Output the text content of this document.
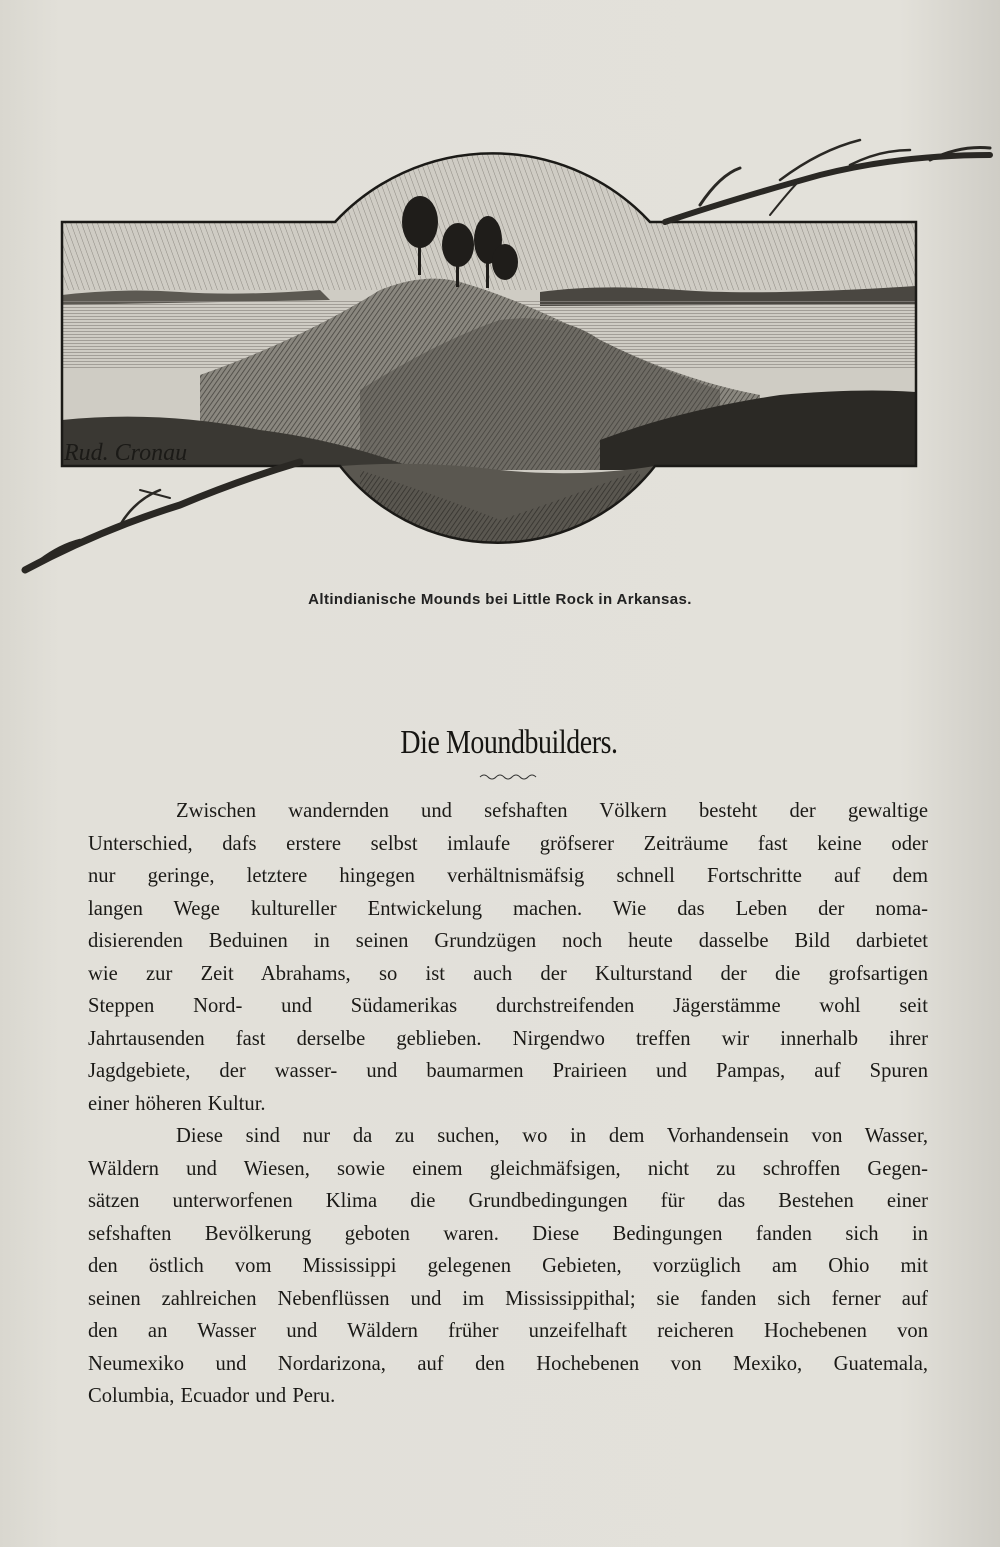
Rud. Cronau
Altindianische Mounds bei Little Rock in Arkansas.
Die Moundbuilders.
Zwischen wandernden und sefshaften Völkern besteht der gewaltige
Unterschied, dafs erstere selbst imlaufe gröfserer Zeiträume fast keine oder
nur geringe, letztere hingegen verhältnismäfsig schnell Fortschritte auf dem
langen Wege kultureller Entwickelung machen. Wie das Leben der noma-
disierenden Beduinen in seinen Grundzügen noch heute dasselbe Bild darbietet
wie zur Zeit Abrahams, so ist auch der Kulturstand der die grofsartigen
Steppen Nord- und Südamerikas durchstreifenden Jägerstämme wohl seit
Jahrtausenden fast derselbe geblieben. Nirgendwo treffen wir innerhalb ihrer
Jagdgebiete, der wasser- und baumarmen Prairieen und Pampas, auf Spuren
einer höheren Kultur.
Diese sind nur da zu suchen, wo in dem Vorhandensein von Wasser,
Wäldern und Wiesen, sowie einem gleichmäfsigen, nicht zu schroffen Gegen-
sätzen unterworfenen Klima die Grundbedingungen für das Bestehen einer
sefshaften Bevölkerung geboten waren. Diese Bedingungen fanden sich in
den östlich vom Mississippi gelegenen Gebieten, vorzüglich am Ohio mit
seinen zahlreichen Nebenflüssen und im Mississippithal; sie fanden sich ferner auf
den an Wasser und Wäldern früher unzeifelhaft reicheren Hochebenen von
Neumexiko und Nordarizona, auf den Hochebenen von Mexiko, Guatemala,
Columbia, Ecuador und Peru.
